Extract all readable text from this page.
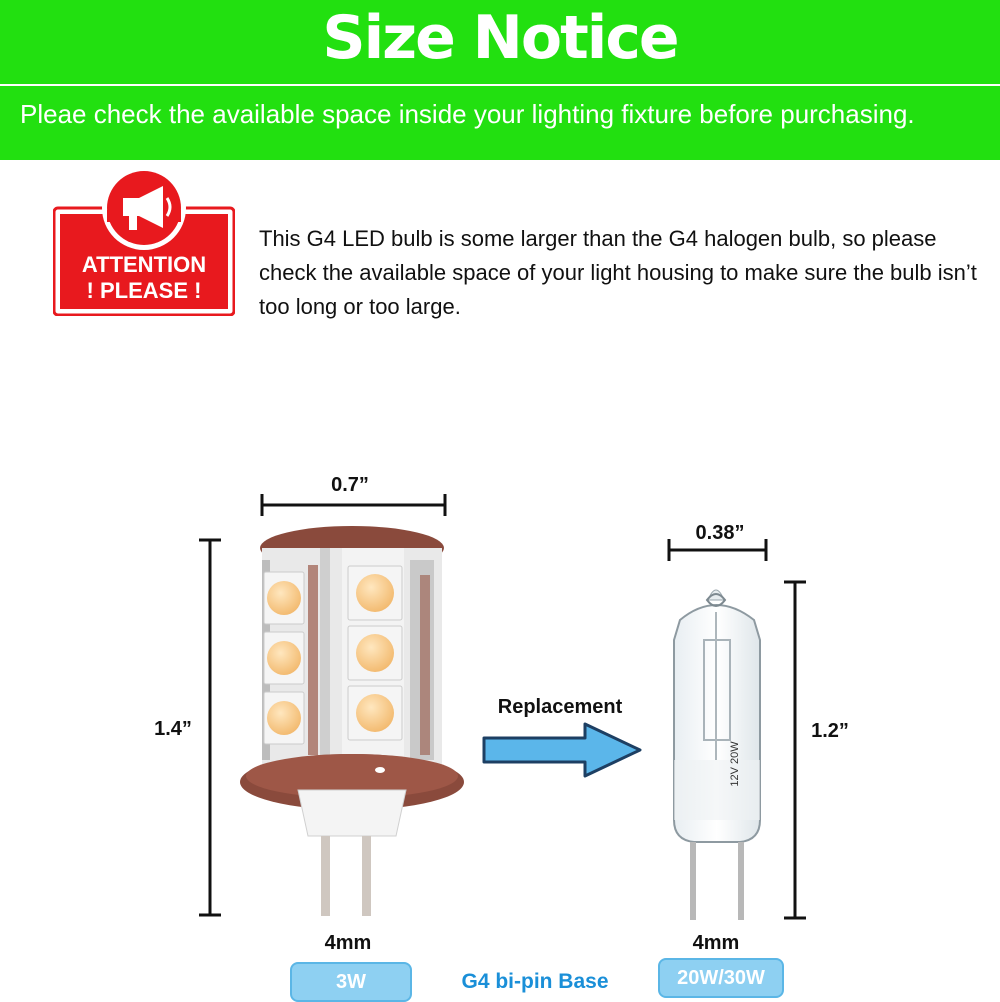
Size Notice
Pleae check the available space inside your lighting fixture before purchasing.
ATTENTION
! PLEASE !
This G4 LED bulb is some larger than the G4 halogen bulb, so please check the available space of your light housing to make sure the bulb isn’t too long or too large.
12V 20W
0.7”
1.4”
4mm
0.38”
1.2”
4mm
Replacement
3W	20W/30W
G4 bi-pin Base
